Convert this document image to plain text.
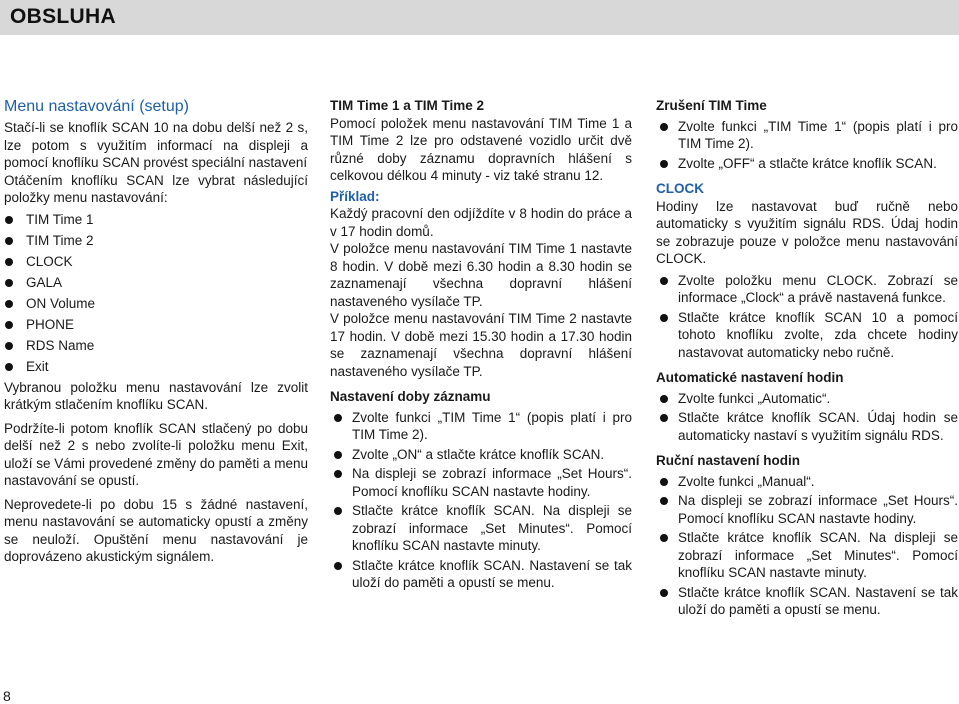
OBSLUHA
Menu nastavování (setup)

Stačí-li se knoflík SCAN 10 na dobu delší než 2 s, lze potom s využitím informací na displeji a pomocí knoflíku SCAN provést speciální nastavení

Otáčením knoflíku SCAN lze vybrat následující položky menu nastavování:

TIM Time 1
TIM Time 2
CLOCK
GALA
ON Volume
PHONE
RDS Name
Exit

Vybranou položku menu nastavování lze zvolit krátkým stlačením knoflíku SCAN.

Podržíte-li potom knoflík SCAN stlačený po dobu delší než 2 s nebo zvolíte-li položku menu Exit, uloží se Vámi provedené změny do paměti a menu nastavování se opustí.

Neprovedete-li po dobu 15 s žádné nastavení, menu nastavování se automaticky opustí a změny se neuloží. Opuštění menu nastavování je doprovázeno akustickým signálem.

TIM Time 1 a TIM Time 2

Pomocí položek menu nastavování TIM Time 1 a TIM Time 2 lze pro odstavené vozidlo určit dvě různé doby záznamu dopravních hlášení s celkovou délkou 4 minuty - viz také stranu 12.

Příklad:

Každý pracovní den odjíždíte v 8 hodin do práce a v 17 hodin domů.

V položce menu nastavování TIM Time 1 nastavte 8 hodin. V době mezi 6.30 hodin a 8.30 hodin se zaznamenají všechna dopravní hlášení nastaveného vysílače TP.

V položce menu nastavování TIM Time 2 nastavte 17 hodin. V době mezi 15.30 hodin a 17.30 hodin se zaznamenají všechna dopravní hlášení nastaveného vysílače TP.

Nastavení doby záznamu
Zvolte funkci „TIM Time 1“ (popis platí i pro TIM Time 2).
Zvolte „ON“ a stlačte krátce knoflík SCAN.
Na displeji se zobrazí informace „Set Hours“. Pomocí knoflíku SCAN nastavte hodiny.
Stlačte krátce knoflík SCAN. Na displeji se zobrazí informace „Set Minutes“. Pomocí knoflíku SCAN nastavte minuty.
Stlačte krátce knoflík SCAN. Nastavení se tak uloží do paměti a opustí se menu.
Zrušení TIM Time
Zvolte funkci „TIM Time 1“ (popis platí i pro TIM Time 2).
Zvolte „OFF“ a stlačte krátce knoflík SCAN.
CLOCK

Hodiny lze nastavovat buď ručně nebo automaticky s využitím signálu RDS. Údaj hodin se zobrazuje pouze v položce menu nastavování CLOCK.

Zvolte položku menu CLOCK. Zobrazí se informace „Clock“ a právě nastavená funkce.
Stlačte krátce knoflík SCAN 10 a pomocí tohoto knoflíku zvolte, zda chcete hodiny nastavovat automaticky nebo ručně.
Automatické nastavení hodin
Zvolte funkci „Automatic“.
Stlačte krátce knoflík SCAN. Údaj hodin se automaticky nastaví s využitím signálu RDS.
Ruční nastavení hodin
Zvolte funkci „Manual“.
Na displeji se zobrazí informace „Set Hours“. Pomocí knoflíku SCAN nastavte hodiny.
Stlačte krátce knoflík SCAN. Na displeji se zobrazí informace „Set Minutes“. Pomocí knoflíku SCAN nastavte minuty.
Stlačte krátce knoflík SCAN. Nastavení se tak uloží do paměti a opustí se menu.
8
